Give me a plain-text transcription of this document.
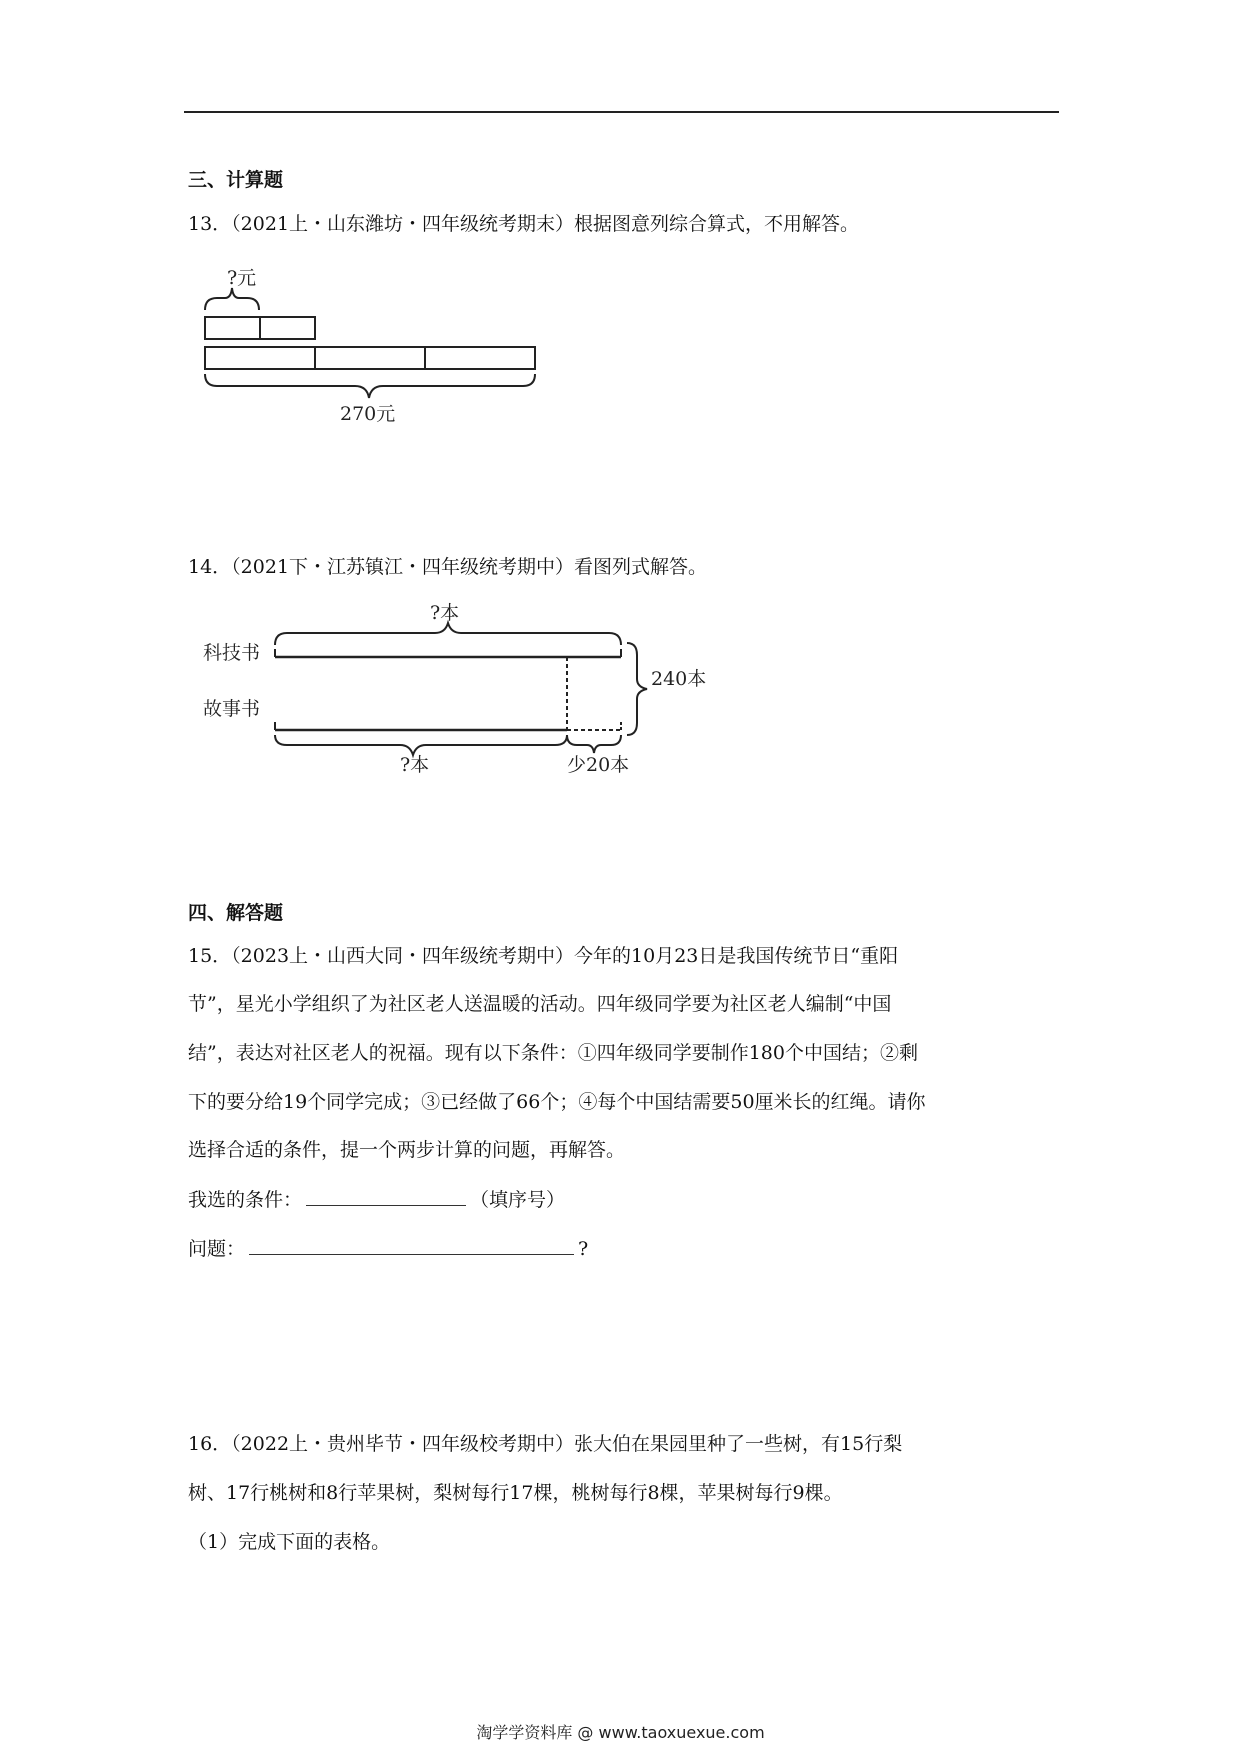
三、计算题
13．（2021上・山东潍坊・四年级统考期末）根据图意列综合算式，不用解答。
?元
270元
14．（2021下・江苏镇江・四年级统考期中）看图列式解答。
?本
科技书
240本
故事书
?本	少20本
四、解答题
15．（2023上・山西大同・四年级统考期中）今年的10月23日是我国传统节日“重阳
节”，星光小学组织了为社区老人送温暖的活动。四年级同学要为社区老人编制“中国
结”，表达对社区老人的祝福。现有以下条件：①四年级同学要制作180个中国结；②剩
下的要分给19个同学完成；③已经做了66个；④每个中国结需要50厘米长的红绳。请你
选择合适的条件，提一个两步计算的问题，再解答。
我选的条件：	（填序号）
问题：	?
16．（2022上・贵州毕节・四年级校考期中）张大伯在果园里种了一些树，有15行梨
树、17行桃树和8行苹果树，梨树每行17棵，桃树每行8棵，苹果树每行9棵。
（1）完成下面的表格。
淘学学资料库 @ www.taoxuexue.com
